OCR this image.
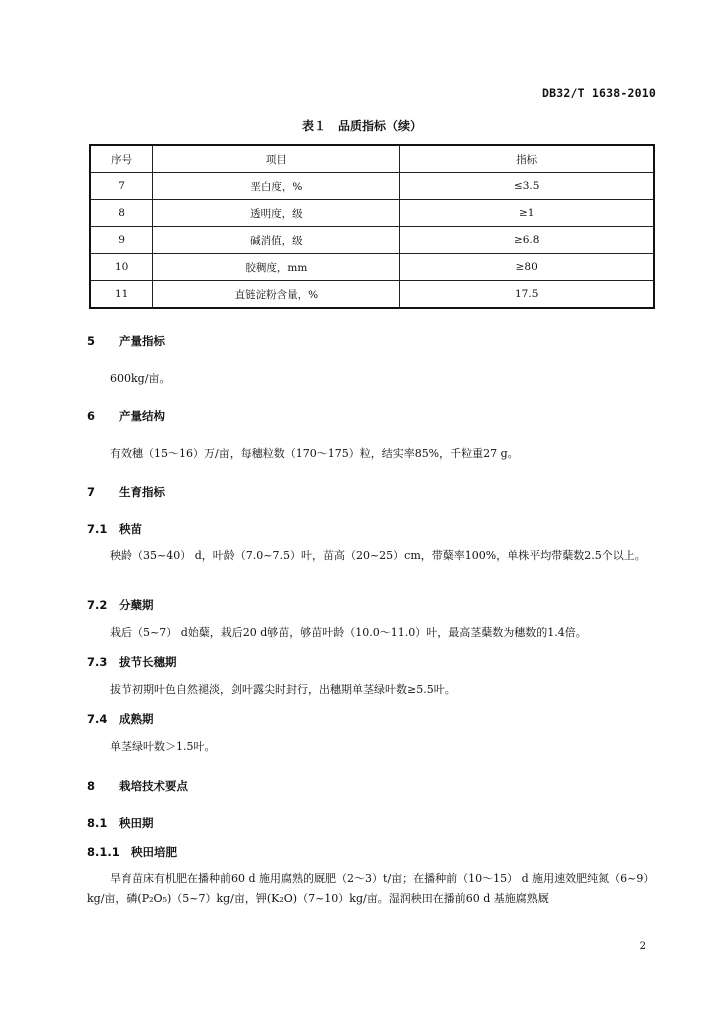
DB32/T 1638-2010
表１　品质指标（续）
序号	项目	指标
7	垩白度，%	≤3.5
8	透明度，级	≥1
9	碱消值，级	≥6.8
10	胶稠度，mm	≥80
11	直链淀粉含量，%	17.5
5 产量指标
600kg/亩。
6 产量结构
有效穗（15～16）万/亩，每穗粒数（170～175）粒，结实率85%，千粒重27 g。
7 生育指标
7.1 秧苗
秧龄（35~40） d，叶龄（7.0~7.5）叶，苗高（20~25）cm，带蘖率100%，单株平均带蘖数2.5个以上。
7.2 分蘖期
栽后（5~7） d始蘖，栽后20 d够苗，够苗叶龄（10.0～11.0）叶，最高茎蘖数为穗数的1.4倍。
7.3 拔节长穗期
拔节初期叶色自然褪淡，剑叶露尖时封行，出穗期单茎绿叶数≥5.5叶。
7.4 成熟期
单茎绿叶数＞1.5叶。
8 栽培技术要点
8.1 秧田期
8.1.1 秧田培肥
旱育苗床有机肥在播种前60 d 施用腐熟的厩肥（2～3）t/亩；在播种前（10～15） d 施用速效肥纯氮（6~9）kg/亩，磷(P₂O₅)（5~7）kg/亩，钾(K₂O)（7~10）kg/亩。湿润秧田在播前60 d 基施腐熟厩
2
